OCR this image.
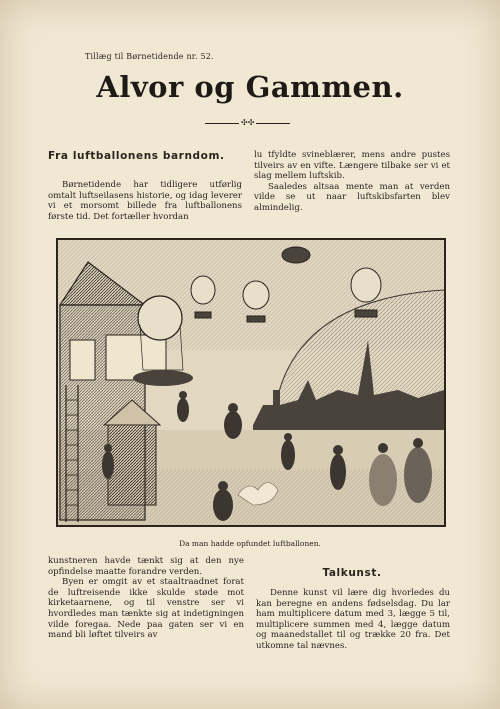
Tillæg til Børnetidende nr. 52.
Alvor og Gammen.
✣✣
Fra luftballonens barndom.

Børnetidende har tidligere utførlig omtalt luftseilasens historie, og idag leverer vi et morsomt billede fra luftballonens første tid. Det fortæller hvordan

lu tfyldte svineblærer, mens andre pustes tilveirs av en vifte. Længere tilbake ser vi et slag mellem luftskib.

Saaledes altsaa mente man at verden vilde se ut naar luftskibsfarten blev almindelig.

Da man hadde opfundet luftballonen.

kunstneren havde tænkt sig at den nye opfindelse maatte forandre verden.

Byen er omgit av et staaltraadnet forat de luftreisende ikke skulde støde mot kirketaarnene, og til venstre ser vi hvordledes man tænkte sig at indetigningen vilde foregaa. Nede paa gaten ser vi en mand bli løftet tilveirs av

Talkunst.

Denne kunst vil lære dig hvorledes du kan beregne en andens fødselsdag. Du lar ham multiplicere datum med 3, lægge 5 til, multiplicere summen med 4, lægge datum og maanedstallet til og trække 20 fra. Det utkomne tal nævnes.
